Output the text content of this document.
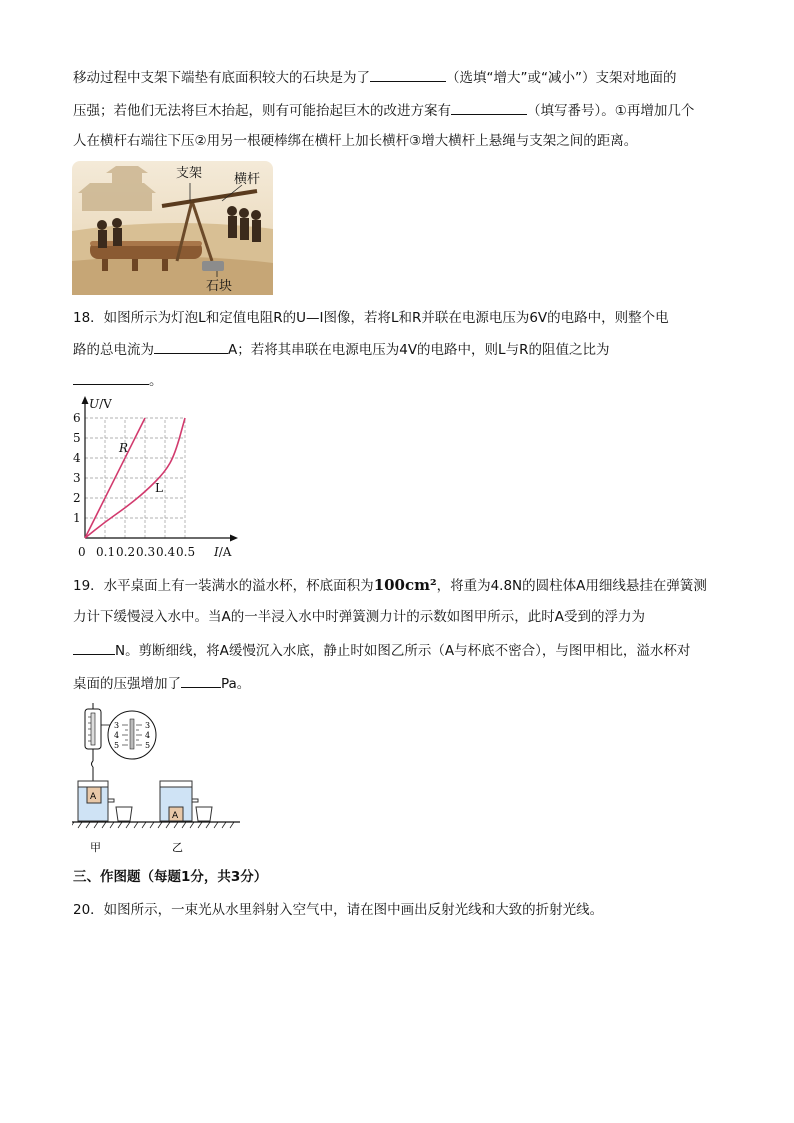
移动过程中支架下端垫有底面积较大的石块是为了	（选填“增大”或“减小”）支架对地面的
压强；若他们无法将巨木抬起，则有可能抬起巨木的改进方案有	（填写番号）。①再增加几个
人在横杆右端往下压②用另一根硬棒绑在横杆上加长横杆③增大横杆上悬绳与支架之间的距离。
支架 横杆
石块
18．如图所示为灯泡L和定值电阻R的U—I图像，若将L和R并联在电源电压为6V的电路中，则整个电
路的总电流为	A；若将其串联在电源电压为4V的电路中，则L与R的阻值之比为
。
1
2
3
4
5
6
0.1 0.2 0.3 0.4 0.5
0
U/V
I/A
R
L
19．水平桌面上有一装满水的溢水杯，杯底面积为100cm²，将重为4.8N的圆柱体A用细线悬挂在弹簧测
力计下缓慢浸入水中。当A的一半浸入水中时弹簧测力计的示数如图甲所示，此时A受到的浮力为
N。剪断细线，将A缓慢沉入水底，静止时如图乙所示（A与杯底不密合），与图甲相比，溢水杯对
桌面的压强增加了	Pa。
3
4
5
3
4
5
A
A
甲	乙
三、作图题（每题1分，共3分）
20．如图所示，一束光从水里斜射入空气中，请在图中画出反射光线和大致的折射光线。
